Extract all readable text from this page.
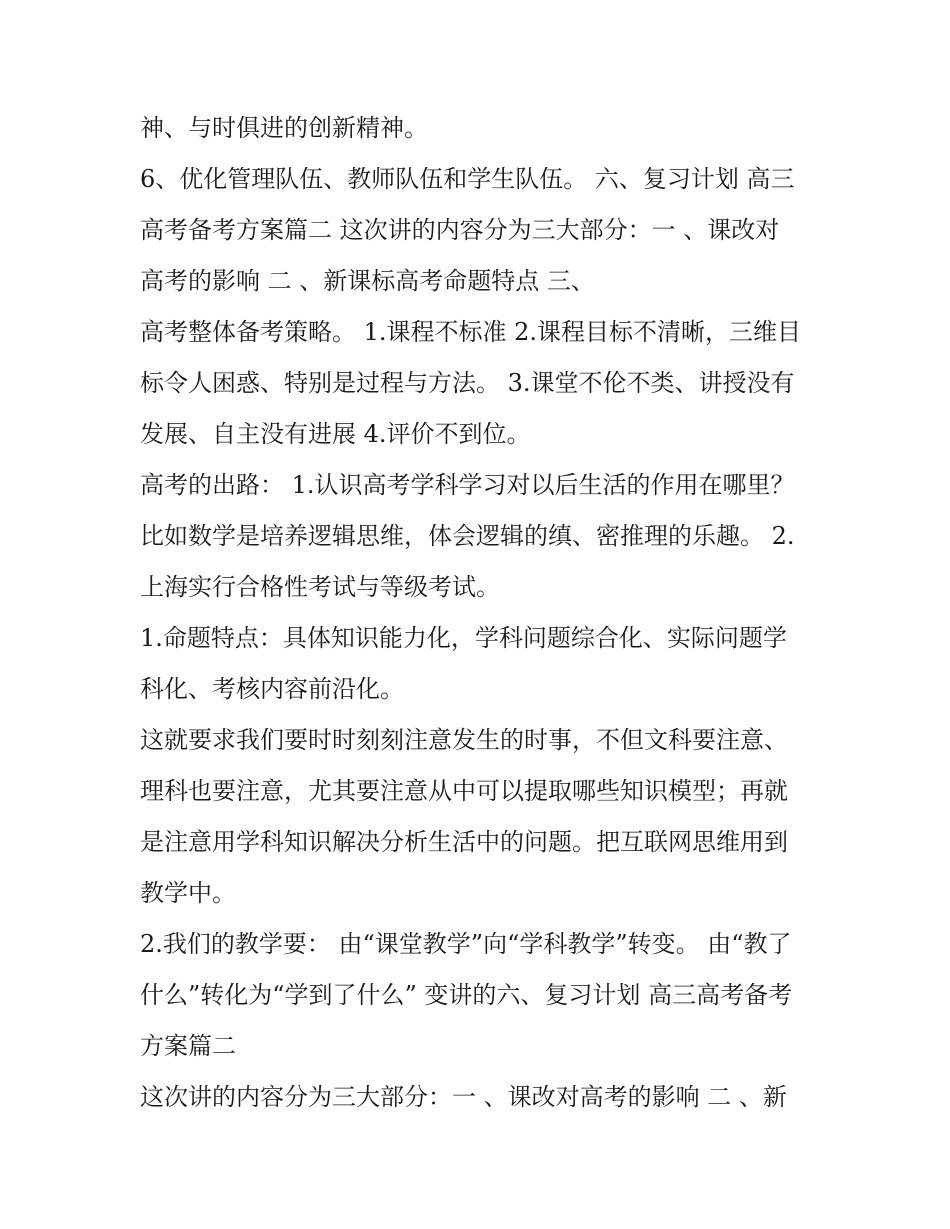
神、与时俱进的创新精神。
6、优化管理队伍、教师队伍和学生队伍。 六、复习计划 高三
高考备考方案篇二 这次讲的内容分为三大部分：一 、课改对
高考的影响 二 、新课标高考命题特点 三、
高考整体备考策略。 1.课程不标准 2.课程目标不清晰，三维目
标令人困惑、特别是过程与方法。 3.课堂不伦不类、讲授没有
发展、自主没有进展 4.评价不到位。
高考的出路： 1.认识高考学科学习对以后生活的作用在哪里？
比如数学是培养逻辑思维，体会逻辑的缜、密推理的乐趣。 2.
上海实行合格性考试与等级考试。
1.命题特点：具体知识能力化，学科问题综合化、实际问题学
科化、考核内容前沿化。
这就要求我们要时时刻刻注意发生的时事，不但文科要注意、
理科也要注意，尤其要注意从中可以提取哪些知识模型；再就
是注意用学科知识解决分析生活中的问题。把互联网思维用到
教学中。
2.我们的教学要： 由“课堂教学”向“学科教学”转变。 由“教了
什么”转化为“学到了什么” 变讲的六、复习计划 高三高考备考
方案篇二
这次讲的内容分为三大部分：一 、课改对高考的影响 二 、新
